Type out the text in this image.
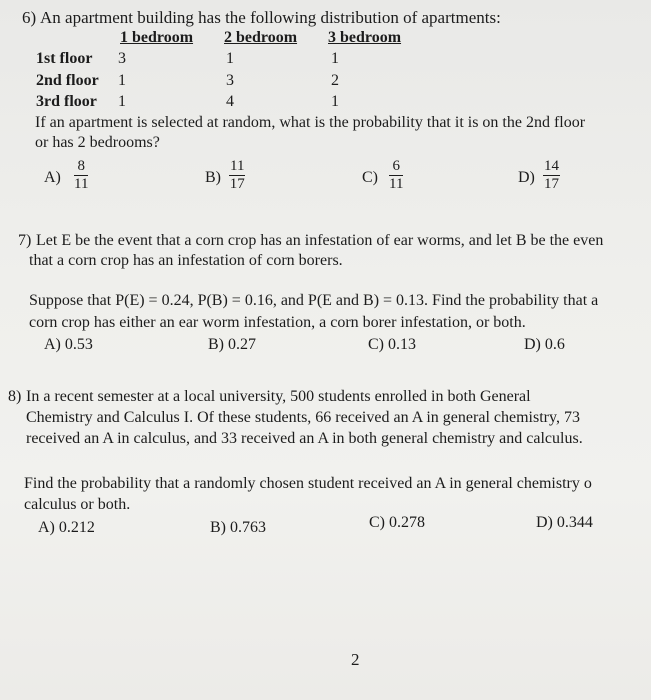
6) An apartment building has the following distribution of apartments:
1 bedroom 2 bedroom 3 bedroom
1st floor 3	1	1
2nd floor 1	3	2
3rd floor 1	4	1
If an apartment is selected at random, what is the probability that it is on the 2nd floor
or has 2 bedrooms?
$A) \frac{8}{11}$	$B) \frac{11}{17}$	$C) \frac{6}{11}$	$D) \frac{14}{17}$
7) Let E be the event that a corn crop has an infestation of ear worms, and let B be the even
that a corn crop has an infestation of corn borers.
Suppose that P(E) = 0.24, P(B) = 0.16, and P(E and B) = 0.13. Find the probability that a
corn crop has either an ear worm infestation, a corn borer infestation, or both.
A) 0.53	B) 0.27	C) 0.13	D) 0.6
8) In a recent semester at a local university, 500 students enrolled in both General
Chemistry and Calculus I. Of these students, 66 received an A in general chemistry, 73
received an A in calculus, and 33 received an A in both general chemistry and calculus.
Find the probability that a randomly chosen student received an A in general chemistry o
calculus or both.
A) 0.212	B) 0.763	C) 0.278	D) 0.344
2
